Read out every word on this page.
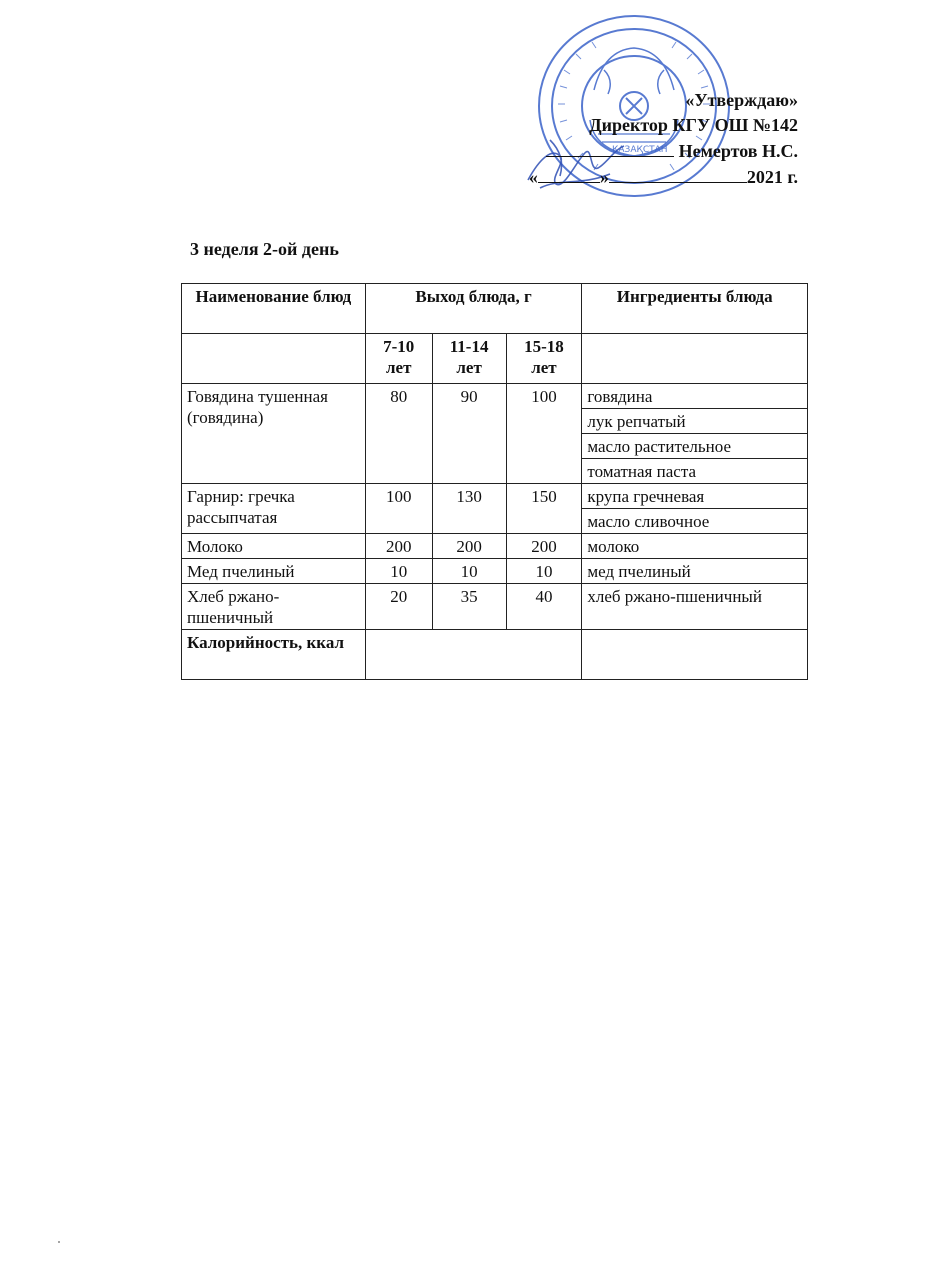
ҚАЗАҚСТАН
«Утверждаю»
Директор КГУ ОШ №142
Немертов Н.С.
«	»	2021 г.
3 неделя 2-ой день
Наименование блюд	Выход блюда, г			Ингредиенты блюда
	7-10 лет	11-14 лет	15-18 лет	
Говядина тушенная (говядина)	80	90	100	говядина
				лук репчатый
				масло растительное
				томатная паста
Гарнир: гречка рассыпчатая	100	130	150	крупа гречневая
				масло сливочное
Молоко	200	200	200	молоко
Мед пчелиный	10	10	10	мед пчелиный
Хлеб ржано-пшеничный	20	35	40	хлеб ржано-пшеничный
Калорийность, ккал				
